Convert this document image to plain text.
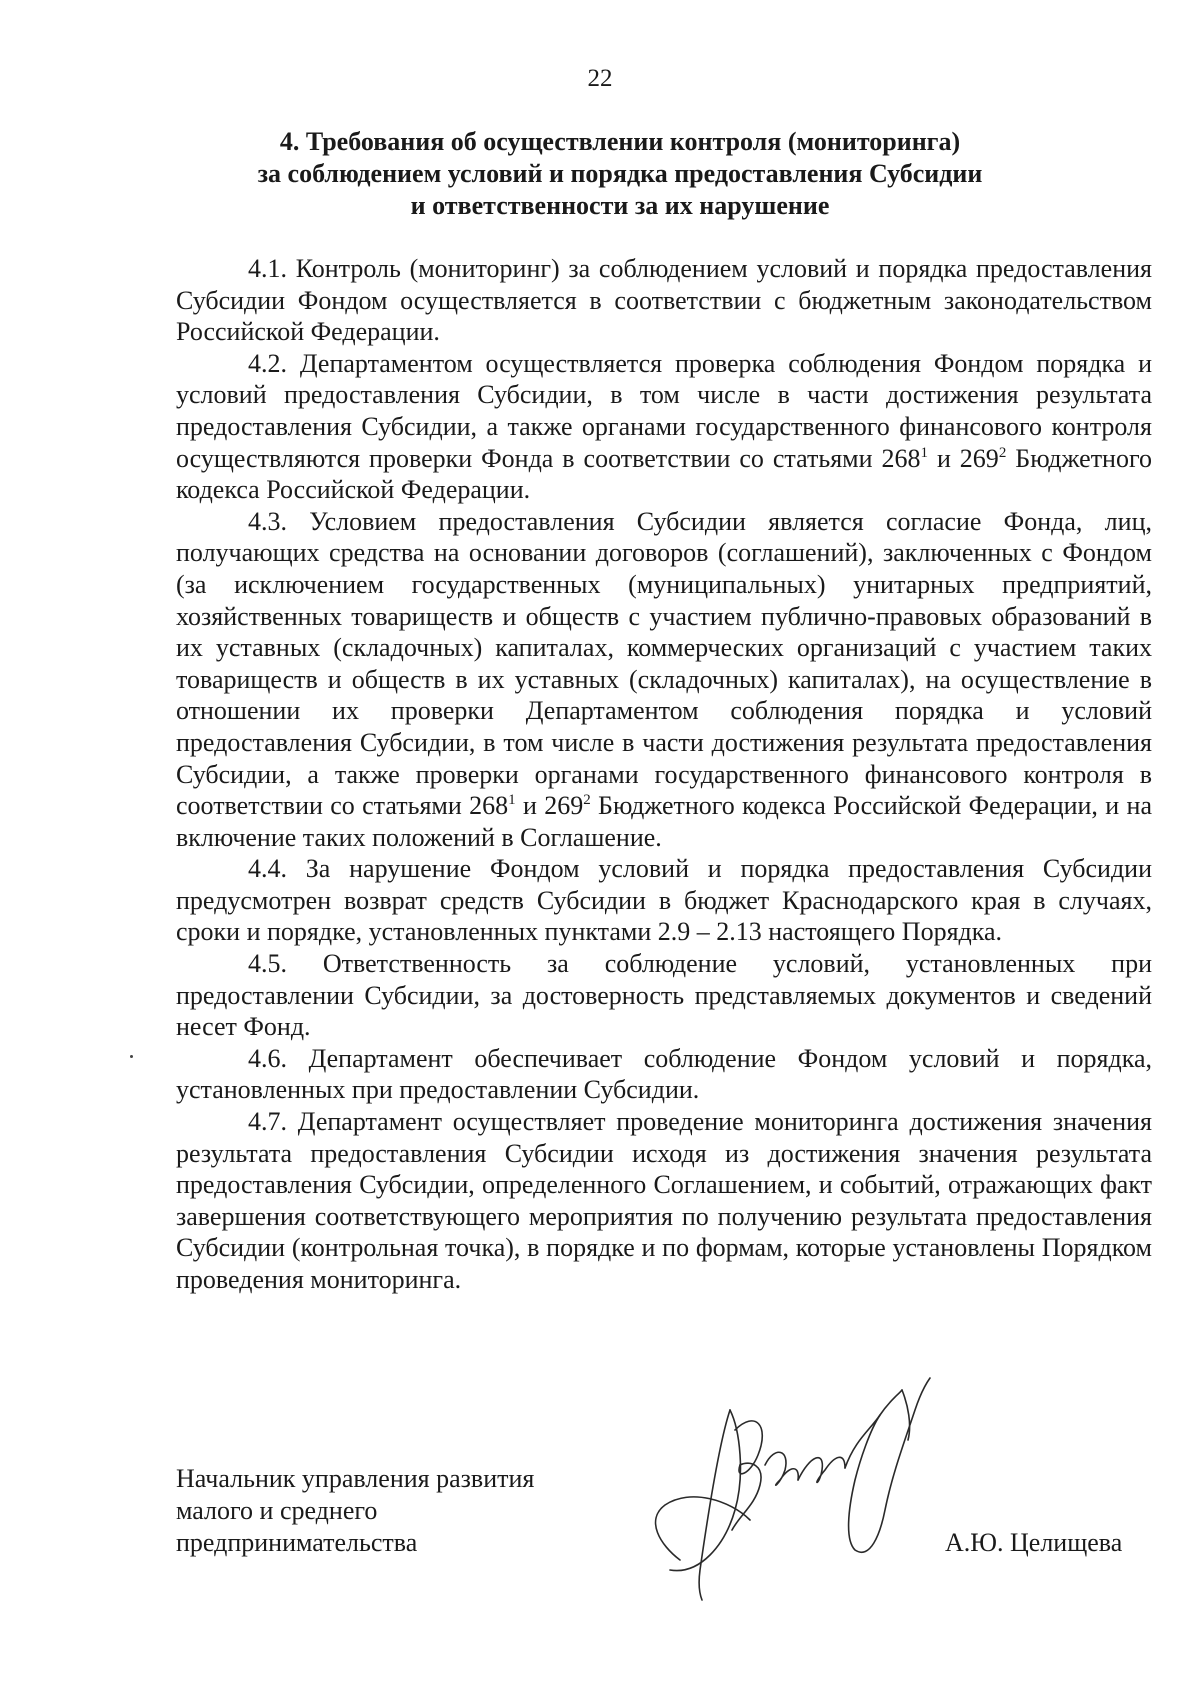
22
4. Требования об осуществлении контроля (мониторинга)
за соблюдением условий и порядка предоставления Субсидии
и ответственности за их нарушение

4.1. Контроль (мониторинг) за соблюдением условий и порядка предоставления Субсидии Фондом осуществляется в соответствии с бюджетным законодательством Российской Федерации.

4.2. Департаментом осуществляется проверка соблюдения Фондом порядка и условий предоставления Субсидии, в том числе в части достижения результата предоставления Субсидии, а также органами государственного финансового контроля осуществляются проверки Фонда в соответствии со статьями $268^1$ и $269^2$ Бюджетного кодекса Российской Федерации.

4.3. Условием предоставления Субсидии является согласие Фонда, лиц, получающих средства на основании договоров (соглашений), заключенных с Фондом (за исключением государственных (муниципальных) унитарных предприятий, хозяйственных товариществ и обществ с участием публично-правовых образований в их уставных (складочных) капиталах, коммерческих организаций с участием таких товариществ и обществ в их уставных (складочных) капиталах), на осуществление в отношении их проверки Департаментом соблюдения порядка и условий предоставления Субсидии, в том числе в части достижения результата предоставления Субсидии, а также проверки органами государственного финансового контроля в соответствии со статьями $268^1$ и $269^2$ Бюджетного кодекса Российской Федерации, и на включение таких положений в Соглашение.

4.4. За нарушение Фондом условий и порядка предоставления Субсидии предусмотрен возврат средств Субсидии в бюджет Краснодарского края в случаях, сроки и порядке, установленных пунктами 2.9 – 2.13 настоящего Порядка.

4.5. Ответственность за соблюдение условий, установленных при предоставлении Субсидии, за достоверность представляемых документов и сведений несет Фонд.

4.6. Департамент обеспечивает соблюдение Фондом условий и порядка, установленных при предоставлении Субсидии.

4.7. Департамент осуществляет проведение мониторинга достижения значения результата предоставления Субсидии исходя из достижения значения результата предоставления Субсидии, определенного Соглашением, и событий, отражающих факт завершения соответствующего мероприятия по получению результата предоставления Субсидии (контрольная точка), в порядке и по формам, которые установлены Порядком проведения мониторинга.

Начальник управления развития
малого и среднего
предпринимательства	А.Ю. Целищева
